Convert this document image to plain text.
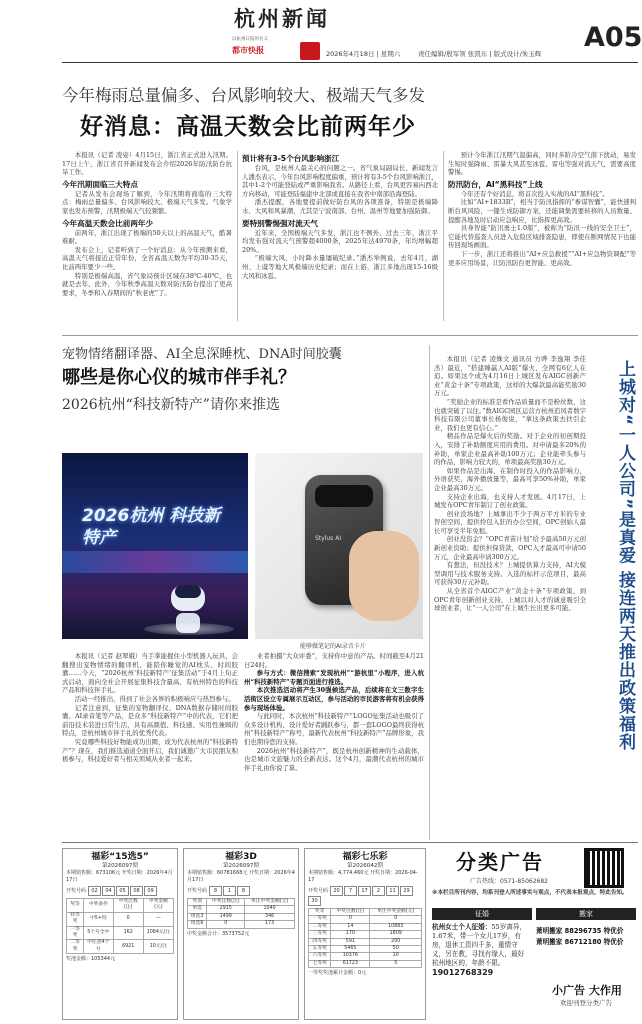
杭州新闻
以杭州日报的名义
都市快报	2026年4月18日 | 星期六	责任编辑/殷军领 张凯东 | 版式设计/朱玉辉
A05
今年梅雨总量偏多、台风影响较大、极端天气多发
好消息：高温天数会比前两年少

本报讯（记者 凌姿）4月15日，浙江省正式进入汛期。17日上午，浙江省召开新闻发布会介绍2026年防汛防台抗旱工作。

今年汛期面临三大特点

记者从发布会现场了解到，今年汛期将面临的三大特点：梅雨总量偏多、台风影响较大、极端天气多发。气象学家也发布预警，汛期极端天气较频繁。

今年高温天数会比前两年少

前两年，浙江出现了极端的50天以上的高温天气，酷暑难耐。

发布会上，记者听到了一个好消息：从今年预测来看，高温天气将接近正常年份，全省高温天数为平均30-35天，比前两年要少一些。

特别是极端高温，省气象局预计区域在38℃-40℃，也就是去年、此外，今年秋季高温天数对防汛防台提出了更高要求，冬季和入春期间的“秋老虎”了。

预计将有3-5个台风影响浙江

台风，是杭州人最关心的问题之一。省气象局副局长、新闻发言人潘杰表示，今年台风影响程度偏重，预计将有3-5个台风影响浙江，其中1-2个可能登陆或严重影响我省。从路径上看，台风更容易向西北方向移动，可能登陆福建中北部或直接在我省中南部沿海登陆。

潘杰提醒，各地要提前做好防台风的各项准备，特别是极端降水、大风和风暴潮，尤其是宁波南部、台州、温州等地要加强防御。

要特别警惕强对流天气

近年来，全国极端天气多发，浙江也不例外。过去三年，浙江平均发布强对流天气预警超4000条，2025年达4970条，年均增幅超20%。

“极端大风、小时降水量屡破纪录。”潘杰举例说，去年4月，湖州、上虞等地大风极端历史纪录；而在上游，浙江多地出现15-16级大风和冰雹。

预计今年浙江汛期气温偏高，同时多阶冷空气南下扰动，易发生短时强降雨、雷暴大风甚至冰雹、雷电等强对流天气，需要高度警惕。

防汛防台，AI“黑科技”上线

今年还有个好消息，将首次投入实战的AI“黑科技”。

比如“AI+1833R”，相当于防汛指挥的“参谋智囊”，能快速判断台风风险，一键生成防御方案，还能调集需要转移的人员数量、提醒各地及时启动应急响应，比指挥更高效。

具身智能“防汛勇士1.0版”，被称为“防汛一线的安全卫士”，它能代替巡查人员进入危险区域排查隐患，即使在断网情况下也能传回现场画面。

下一步，浙江还将推出“AI+应急救援”“AI+应急物资调配”等更多应用场景，让防汛防台更智能、更高效。

宠物情绪翻译器、AI全息深睡枕、DNA时间胶囊
哪些是你心仪的城市伴手礼？
2026杭州“科技新特产”请你来推选
2026杭州 科技新特产	Stylus AI
能够做笔记的AI录音卡片

本报讯（记者 赵翠娥）当手掌能握住小型机器人玩具、会翻搜出宠物情绪的翻译机、能陪你睡觉的AI枕头、时间胶囊……今天，“2026杭州‘科技新特产’征集活动”于4月上旬正式启动，面向全社会开展征集科技含量高、有杭州特色的科技产品和科技伴手礼。

活动一经推出，得到了社会各界的积极响应与热烈参与。

记者注意到，征集的宠物翻译仪、DNA数据存储时间胶囊、AI录音笔等产品，是众多“科技新特产”中的代表，它们把前沿技术装进日常生活，具有高颜值、科技感、实用性兼顾的特点，是杭州城市伴手礼的优秀代表。

究竟哪些科技好物能成功出圈，成为代表杭州的“科技新特产”？现在，我们推选通道全面开启，我们诚邀广大市民朋友积极参与，科技爱好者与相关领域从业者一起来。

业者拍摄“大众评委”，支持你中意的产品。时间截至4月21日24时。

参与方式：微信搜索“发现杭州”“游杭里”小程序，进入杭州“科技新特产”专题页面进行推选。

本次推选活动将产生30强候选产品，后续将在文三数字生活街区设立专属展示互动区，参与活动的市民游客将有机会获得参与现场体验。

与此同时，本次杭州“科技新特产”LOGO征集活动也吸引了众多设计机构、设计爱好者踊跃参与，都一套LOGO最终获得杭州“科技新特产”称号，最新代表杭州“科技新特产”品牌形象，我们也期待您的支持。

2026杭州“科技新特产”，既是杭州创新精神的生动载体，也是城市文旅魅力的全新表达。这个4月，最潮代表杭州的城市伴手礼由你说了算。

本报讯（记者 凌姝文 通讯员 方晔 李逸翔 李佳杰）最近，“搭建臻赢人AI版”爆火，全网有6亿人在追。如果这个成为4月16日上城区发布AIGC创新产业“黄金十条”专项政策，这样的大爆款最高能奖励30万元。

“奖励企业的标准是看作品质量而不是粉丝数，这也就突破了以往。”数AIGC园区运营方杭州追风者数字科技有限公司董事长杨俊说，“拿这条政策去扶引企业，我们也更有信心。”

精品作品是爆火后的奖励。对于企业的初创期投入，安排了补助额度应用的费用。对申请最多20%的补助，单家企业最高补助100万元；企业能牵头参与的作品，影响力较大的，单项最高奖励30万元。

如果作品是出海，在制作时投入的作品影响力，外语获奖，海外播放量等，最高可享50%补助，单家企业最高30万元。

支持企业出海，也支持人才发展。4月17日，上城发布OPC青年制订了创业政策。

创业没场地？上城拿出不少于两万平方米的专业智创空间，提供拎包入驻的办公空间，OPC创始人最长可享受半年免租。

创业没资金？“OPC青苗计划”给予最高50万元创新创业资助；提供担保贷款，OPC入才最高可申请50万元，企业最高申请300万元。

有想法，但没技术？上城提供算力支持，AI大模型调用与技术服务支持。入选的标杆示范项目，最高可获得30万元补助。

从全省首个AIGC产业“黄金十条”专项政策，到OPC青年创新创业支持，上城以对人才的诚意吸引全球创业者，让“一人公司”在上城生长出更多可能。	上城对“一人公司”是真爱 接连两天推出政策福利
福彩“15选5”
第2026097期
本期销售额：673106元 开奖日期：2026年4月17日
开奖号码 02 04 05 08 09
奖等	中奖条件	中奖注数(注)	中奖金额(元)
特等奖	中5+特	0	—
一等奖	5个号全中	162	1084元/注
二等奖	中任意4个号	6921	10元/注
奖池金额：105344元
福彩3D
第2026097期
本期销售额：60781668元 开奖日期：2026年4月17日
开奖号码 8 1 8
奖项	中奖注数(注)	单注中奖金额(元)
单选	2915	1040
组选3	1499	346
组选6	0	173
中奖金额合计：3573752元
福彩七乐彩
第2026042期
本期销售额：4,774,460元 开奖日期：2026-04-17
开奖号码 20 7 17 2 11 2930
奖等	中奖注数(注)	单注中奖金额(元)
一等奖	0	0
二等奖	14	10883
三等奖	170	1809
四等奖	591	200
五等奖	5465	50
六等奖	10376	10
七等奖	61723	5
一等奖奖池累计金额：0元
分类广告
广告热线：0571-85062682
※本栏目所刊内容，均系刊登人所述事实与观点，不代表本报观点，特此告知。
征婚	搬家
杭州女士个人征婚：55岁离异，1.67米，带一个女儿17岁，有房，退休工资四千多，重情守义，另在教，寻找有缘人，最好杭州地区的，年龄不限。
19012768329
萧明搬家 88296735 特优价
萧明搬家 86712180 特优价
小广告 大作用
欢迎刊登分类广告
